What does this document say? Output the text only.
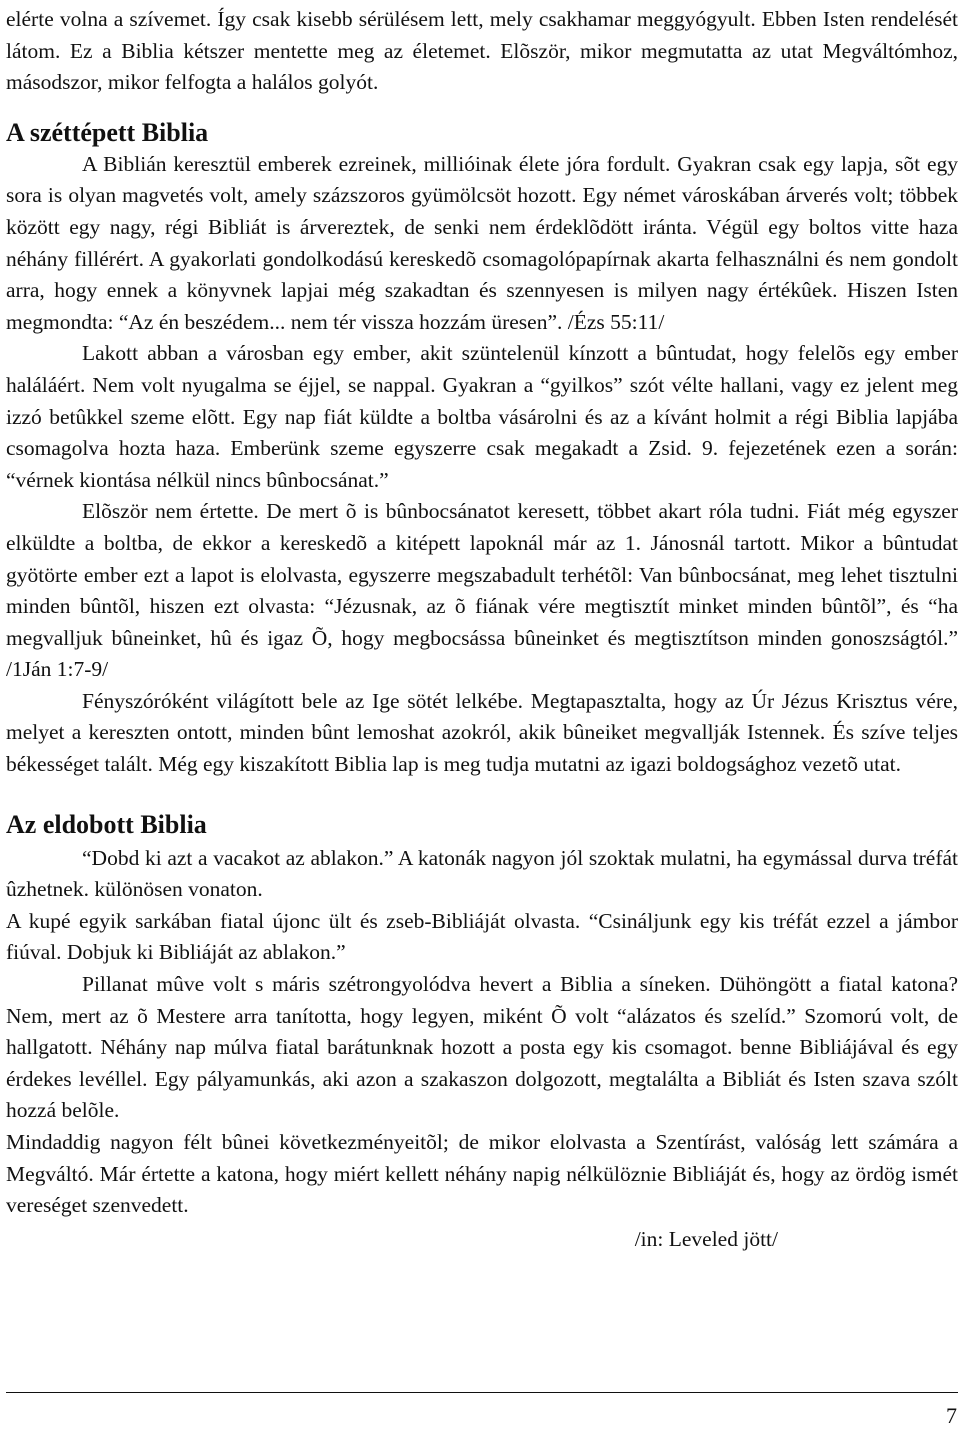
elérte volna a szívemet. Így csak kisebb sérülésem lett, mely csakhamar meggyógyult. Ebben Isten rendelését látom. Ez a Biblia kétszer mentette meg az életemet. Elõször, mikor megmutatta az utat Megváltómhoz, másodszor, mikor felfogta a halálos golyót.

A széttépett Biblia

A Biblián keresztül emberek ezreinek, millióinak élete jóra fordult. Gyakran csak egy lapja, sõt egy sora is olyan magvetés volt, amely százszoros gyümölcsöt hozott. Egy német városkában árverés volt; többek között egy nagy, régi Bibliát is árvereztek, de senki nem érdeklõdött iránta. Végül egy boltos vitte haza néhány fillérért. A gyakorlati gondolkodású kereskedõ csomagolópapírnak akarta felhasználni és nem gondolt arra, hogy ennek a könyvnek lapjai még szakadtan és szennyesen is milyen nagy értékûek. Hiszen Isten megmondta: “Az én beszédem... nem tér vissza hozzám üresen”. /Ézs 55:11/

Lakott abban a városban egy ember, akit szüntelenül kínzott a bûntudat, hogy felelõs egy ember haláláért. Nem volt nyugalma se éjjel, se nappal. Gyakran a “gyilkos” szót vélte hallani, vagy ez jelent meg izzó betûkkel szeme elõtt. Egy nap fiát küldte a boltba vásárolni és az a kívánt holmit a régi Biblia lapjába csomagolva hozta haza. Emberünk szeme egyszerre csak megakadt a Zsid. 9. fejezetének ezen a során: “vérnek kiontása nélkül nincs bûnbocsánat.”

Elõször nem értette. De mert õ is bûnbocsánatot keresett, többet akart róla tudni. Fiát még egyszer elküldte a boltba, de ekkor a kereskedõ a kitépett lapoknál már az 1. Jánosnál tartott. Mikor a bûntudat gyötörte ember ezt a lapot is elolvasta, egyszerre megszabadult terhétõl: Van bûnbocsánat, meg lehet tisztulni minden bûntõl, hiszen ezt olvasta: “Jézusnak, az õ fiának vére megtisztít minket minden bûntõl”, és “ha megvalljuk bûneinket, hû és igaz Õ, hogy megbocsássa bûneinket és megtisztítson minden gonoszságtól.” /1Ján 1:7-9/

Fényszóróként világított bele az Ige sötét lelkébe. Megtapasztalta, hogy az Úr Jézus Krisztus vére, melyet a kereszten ontott, minden bûnt lemoshat azokról, akik bûneiket megvallják Istennek. És szíve teljes békességet talált. Még egy kiszakított Biblia lap is meg tudja mutatni az igazi boldogsághoz vezetõ utat.

Az eldobott Biblia

“Dobd ki azt a vacakot az ablakon.” A katonák nagyon jól szoktak mulatni, ha egymással durva tréfát ûzhetnek. különösen vonaton.

A kupé egyik sarkában fiatal újonc ült és zseb-Bibliáját olvasta. “Csináljunk egy kis tréfát ezzel a jámbor fiúval. Dobjuk ki Bibliáját az ablakon.”

Pillanat mûve volt s máris szétrongyolódva hevert a Biblia a síneken. Dühöngött a fiatal katona? Nem, mert az õ Mestere arra tanította, hogy legyen, miként Õ volt “alázatos és szelíd.” Szomorú volt, de hallgatott. Néhány nap múlva fiatal barátunknak hozott a posta egy kis csomagot. benne Bibliájával és egy érdekes levéllel. Egy pályamunkás, aki azon a szakaszon dolgozott, megtalálta a Bibliát és Isten szava szólt hozzá belõle.

Mindaddig nagyon félt bûnei következményeitõl; de mikor elolvasta a Szentírást, valóság lett számára a Megváltó. Már értette a katona, hogy miért kellett néhány napig nélkülöznie Bibliáját és, hogy az ördög ismét vereséget szenvedett.

/in: Leveled jött/
7
